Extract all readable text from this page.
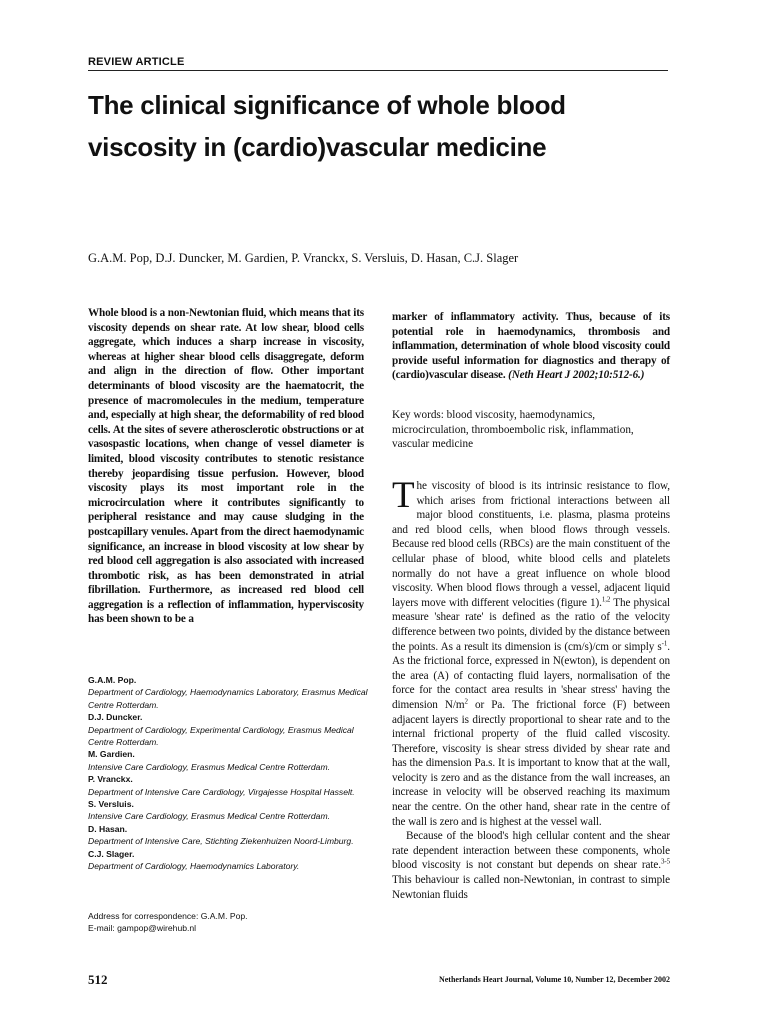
REVIEW ARTICLE
The clinical significance of whole blood viscosity in (cardio)vascular medicine
G.A.M. Pop, D.J. Duncker, M. Gardien, P. Vranckx, S. Versluis, D. Hasan, C.J. Slager

Whole blood is a non-Newtonian fluid, which means that its viscosity depends on shear rate. At low shear, blood cells aggregate, which induces a sharp increase in viscosity, whereas at higher shear blood cells disaggregate, deform and align in the direction of flow. Other important determinants of blood viscosity are the haematocrit, the presence of macromolecules in the medium, temperature and, especially at high shear, the deformability of red blood cells. At the sites of severe atherosclerotic obstructions or at vasospastic locations, when change of vessel diameter is limited, blood viscosity contributes to stenotic resistance thereby jeopardising tissue perfusion. However, blood viscosity plays its most important role in the microcirculation where it contributes significantly to peripheral resistance and may cause sludging in the postcapillary venules. Apart from the direct haemodynamic significance, an increase in blood viscosity at low shear by red blood cell aggregation is also associated with increased thrombotic risk, as has been demonstrated in atrial fibrillation. Furthermore, as increased red blood cell aggregation is a reflection of inflammation, hyperviscosity has been shown to be a

marker of inflammatory activity. Thus, because of its potential role in haemodynamics, thrombosis and inflammation, determination of whole blood viscosity could provide useful information for diagnostics and therapy of (cardio)vascular disease. (Neth Heart J 2002;10:512-6.)

Key words: blood viscosity, haemodynamics, microcirculation, thromboembolic risk, inflammation, vascular medicine
G.A.M. Pop.
Department of Cardiology, Haemodynamics Laboratory, Erasmus Medical Centre Rotterdam.
D.J. Duncker.
Department of Cardiology, Experimental Cardiology, Erasmus Medical Centre Rotterdam.
M. Gardien.
Intensive Care Cardiology, Erasmus Medical Centre Rotterdam.
P. Vranckx.
Department of Intensive Care Cardiology, Virgajesse Hospital Hasselt.
S. Versluis.
Intensive Care Cardiology, Erasmus Medical Centre Rotterdam.
D. Hasan.
Department of Intensive Care, Stichting Ziekenhuizen Noord-Limburg.
C.J. Slager.
Department of Cardiology, Haemodynamics Laboratory.
Address for correspondence: G.A.M. Pop.
E-mail: gampop@wirehub.nl

The viscosity of blood is its intrinsic resistance to flow, which arises from frictional interactions between all major blood constituents, i.e. plasma, plasma proteins and red blood cells, when blood flows through vessels. Because red blood cells (RBCs) are the main constituent of the cellular phase of blood, white blood cells and platelets normally do not have a great influence on whole blood viscosity. When blood flows through a vessel, adjacent liquid layers move with different velocities (figure 1).$^{1,2}$ The physical measure 'shear rate' is defined as the ratio of the velocity difference between two points, divided by the distance between the points. As a result its dimension is (cm/s)/cm or simply $s^{-1}$. As the frictional force, expressed in N(ewton), is dependent on the area (A) of contacting fluid layers, normalisation of the force for the contact area results in 'shear stress' having the dimension $N/m^2$ or Pa. The frictional force (F) between adjacent layers is directly proportional to shear rate and to the internal frictional property of the fluid called viscosity. Therefore, viscosity is shear stress divided by shear rate and has the dimension Pa.s. It is important to know that at the wall, velocity is zero and as the distance from the wall increases, an increase in velocity will be observed reaching its maximum near the centre. On the other hand, shear rate in the centre of the wall is zero and is highest at the vessel wall.

Because of the blood's high cellular content and the shear rate dependent interaction between these components, whole blood viscosity is not constant but depends on shear rate.$^{3-5}$ This behaviour is called non-Newtonian, in contrast to simple Newtonian fluids

512	Netherlands Heart Journal, Volume 10, Number 12, December 2002
